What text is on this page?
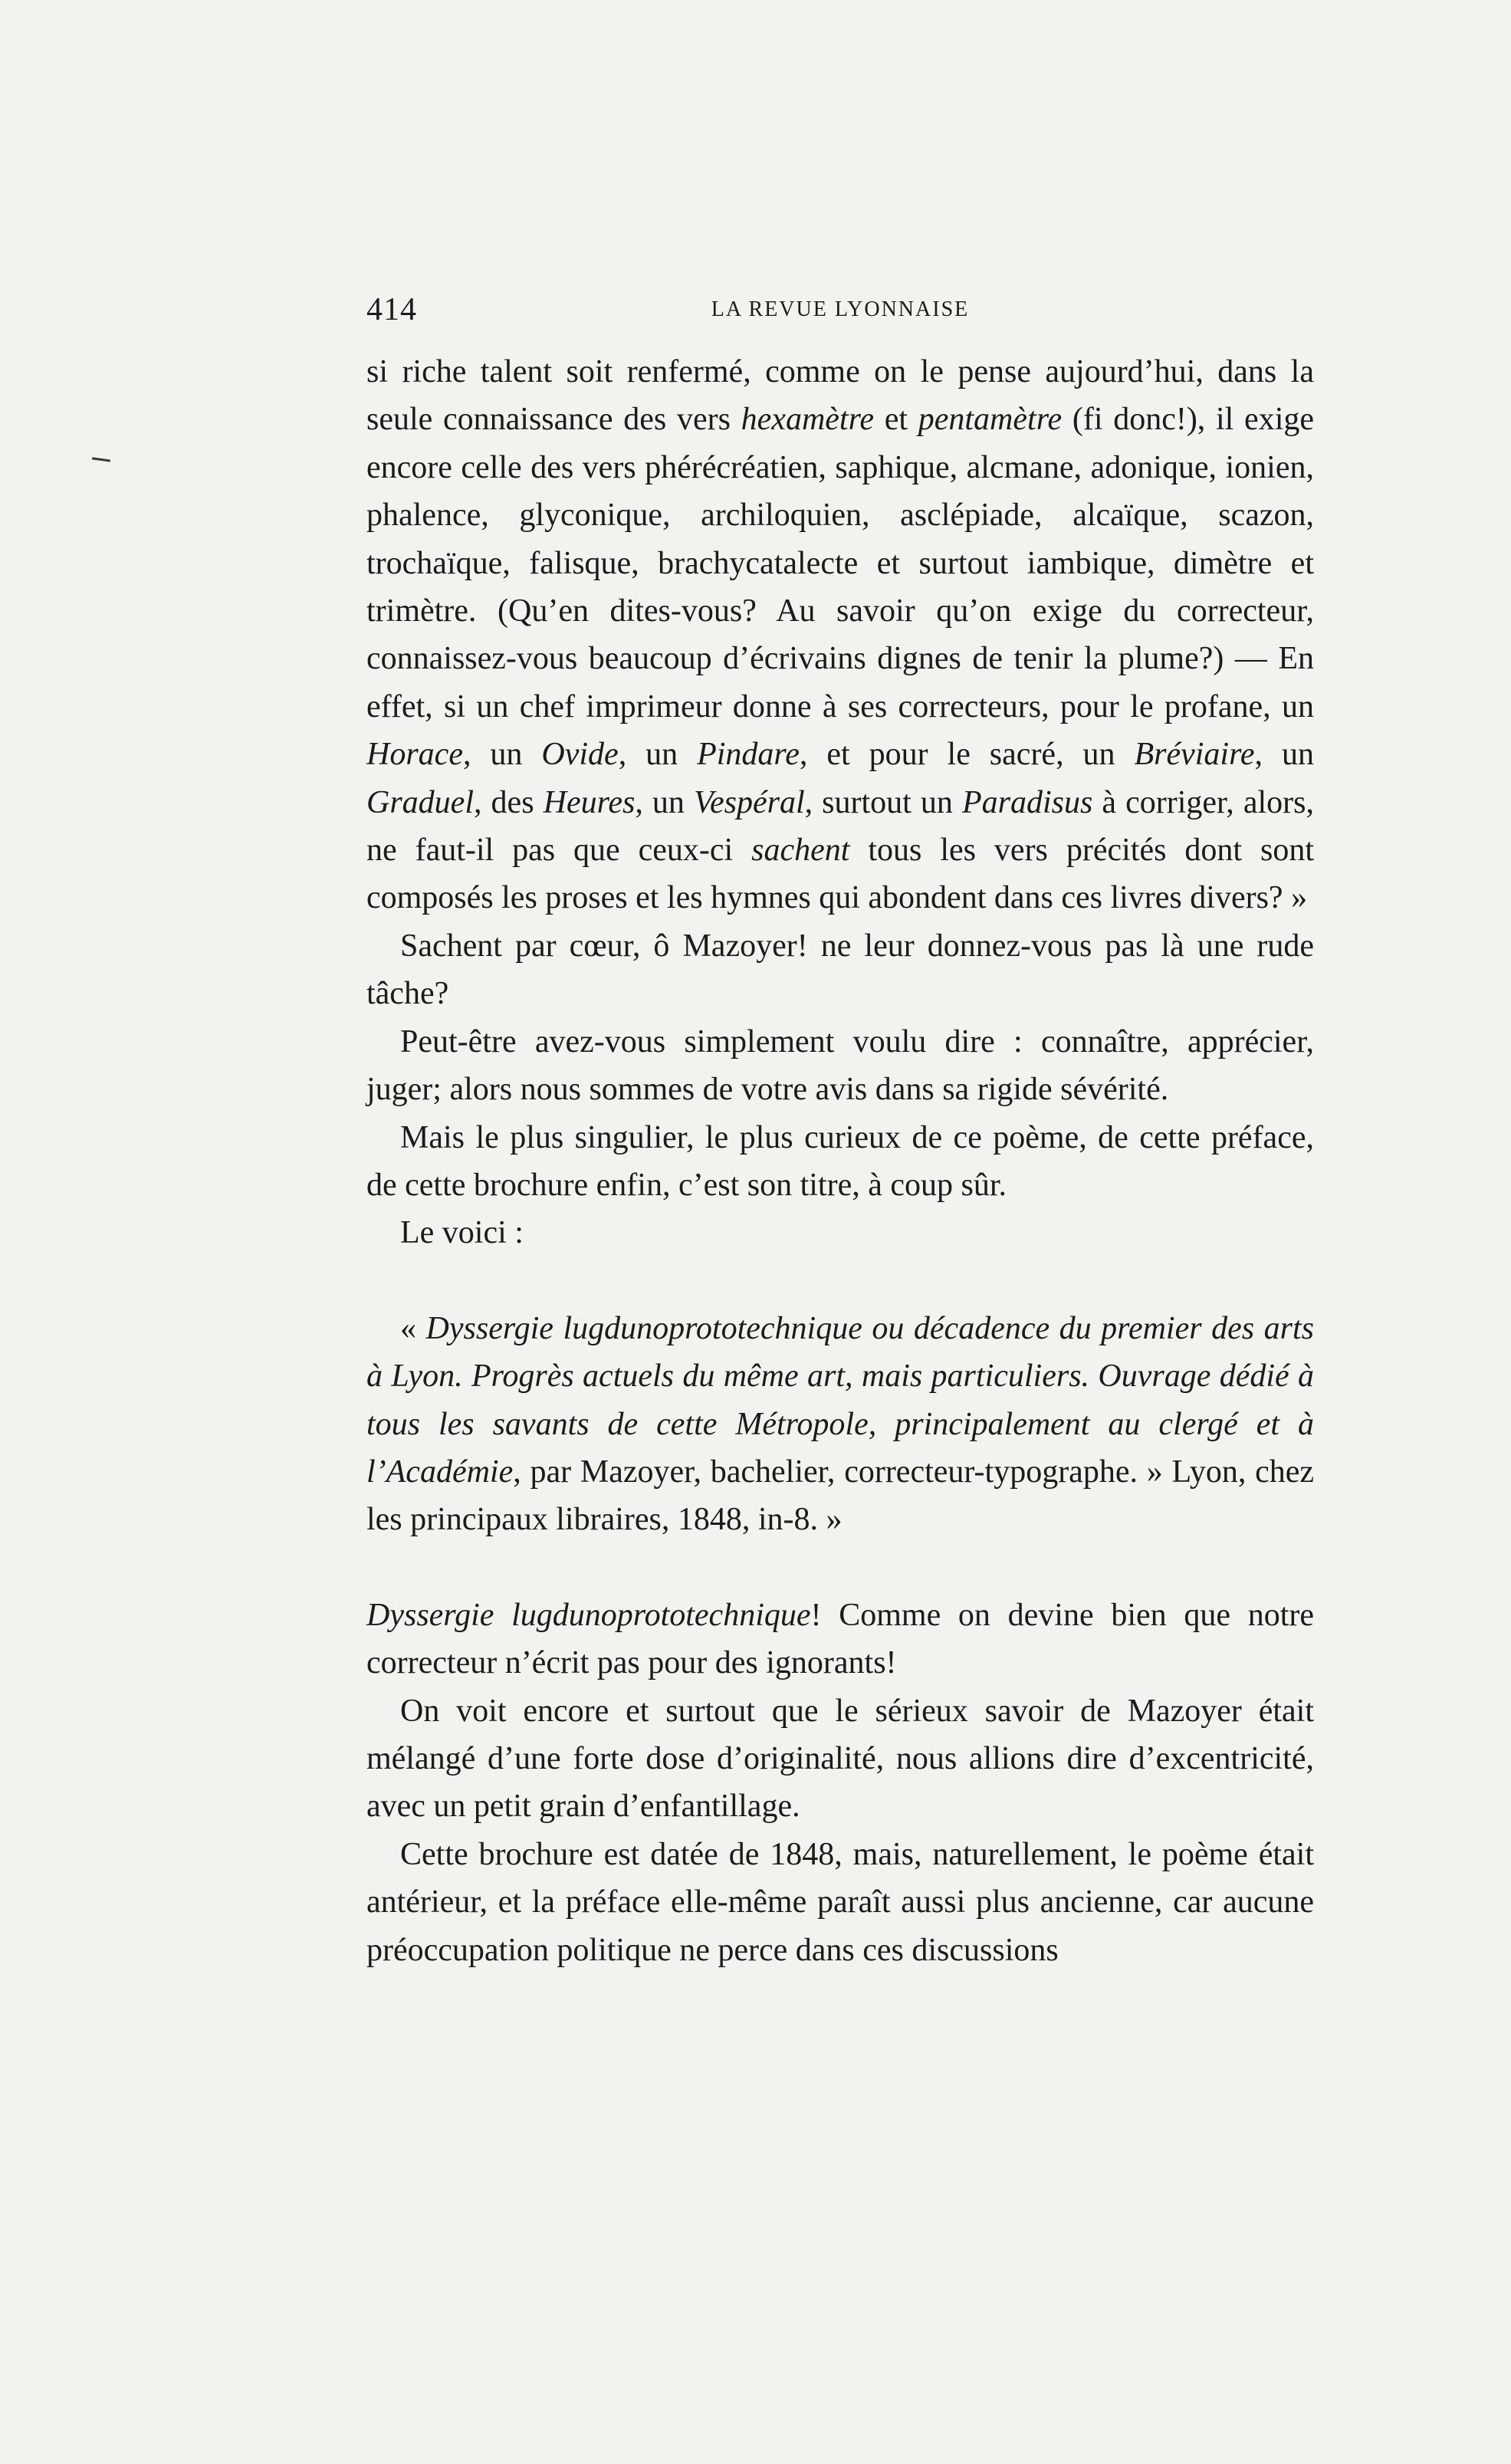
414	LA REVUE LYONNAISE

si riche talent soit renfermé, comme on le pense aujourd’hui, dans la seule connaissance des vers hexamètre et pentamètre (fi donc!), il exige encore celle des vers phérécréatien, saphique, alcmane, adonique, ionien, phalence, glyconique, archiloquien, asclépiade, alcaïque, scazon, trochaïque, falisque, brachycatalecte et surtout iambique, dimètre et trimètre. (Qu’en dites-vous? Au savoir qu’on exige du correcteur, connaissez-vous beaucoup d’écrivains dignes de tenir la plume?) — En effet, si un chef imprimeur donne à ses correcteurs, pour le profane, un Horace, un Ovide, un Pindare, et pour le sacré, un Bréviaire, un Graduel, des Heures, un Vespéral, surtout un Paradisus à corriger, alors, ne faut-il pas que ceux-ci sachent tous les vers précités dont sont composés les proses et les hymnes qui abondent dans ces livres divers? »

Sachent par cœur, ô Mazoyer! ne leur donnez-vous pas là une rude tâche?

Peut-être avez-vous simplement voulu dire : connaître, apprécier, juger; alors nous sommes de votre avis dans sa rigide sévérité.

Mais le plus singulier, le plus curieux de ce poème, de cette préface, de cette brochure enfin, c’est son titre, à coup sûr.

Le voici :

« Dyssergie lugdunoprototechnique ou décadence du premier des arts à Lyon. Progrès actuels du même art, mais particuliers. Ouvrage dédié à tous les savants de cette Métropole, principalement au clergé et à l’Académie, par Mazoyer, bachelier, correcteur-typographe. » Lyon, chez les principaux libraires, 1848, in-8. »

Dyssergie lugdunoprototechnique! Comme on devine bien que notre correcteur n’écrit pas pour des ignorants!

On voit encore et surtout que le sérieux savoir de Mazoyer était mélangé d’une forte dose d’originalité, nous allions dire d’excentricité, avec un petit grain d’enfantillage.

Cette brochure est datée de 1848, mais, naturellement, le poème était antérieur, et la préface elle-même paraît aussi plus ancienne, car aucune préoccupation politique ne perce dans ces discussions
